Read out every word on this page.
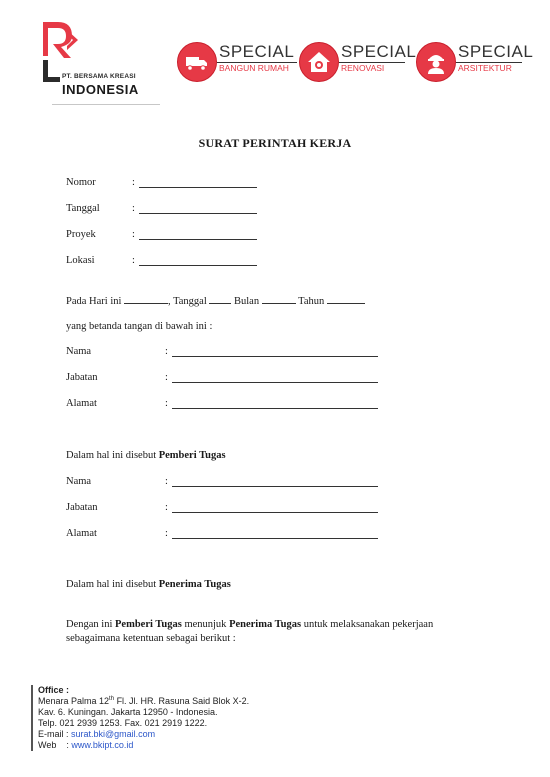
PT. BERSAMA KREASI
INDONESIA
SPECIAL
BANGUN RUMAH
SPECIAL
RENOVASI
SPECIAL
ARSITEKTUR
SURAT PERINTAH KERJA
Nomor	:
Tanggal	:
Proyek	:
Lokasi	:
Pada Hari ini	, Tanggal	Bulan	Tahun
yang betanda tangan di bawah ini :
Nama	:
Jabatan	:
Alamat	:
Dalam hal ini disebut Pemberi Tugas
Nama	:
Jabatan	:
Alamat	:
Dalam hal ini disebut Penerima Tugas
Dengan ini Pemberi Tugas menunjuk Penerima Tugas untuk melaksanakan pekerjaan
sebagaimana ketentuan sebagai berikut :
Office :
Menara Palma 12th Fl. Jl. HR. Rasuna Said Blok X-2.
Kav. 6. Kuningan. Jakarta 12950 - Indonesia.
Telp. 021 2939 1253. Fax. 021 2919 1222.
E-mail : surat.bki@gmail.com
Web    : www.bkipt.co.id
